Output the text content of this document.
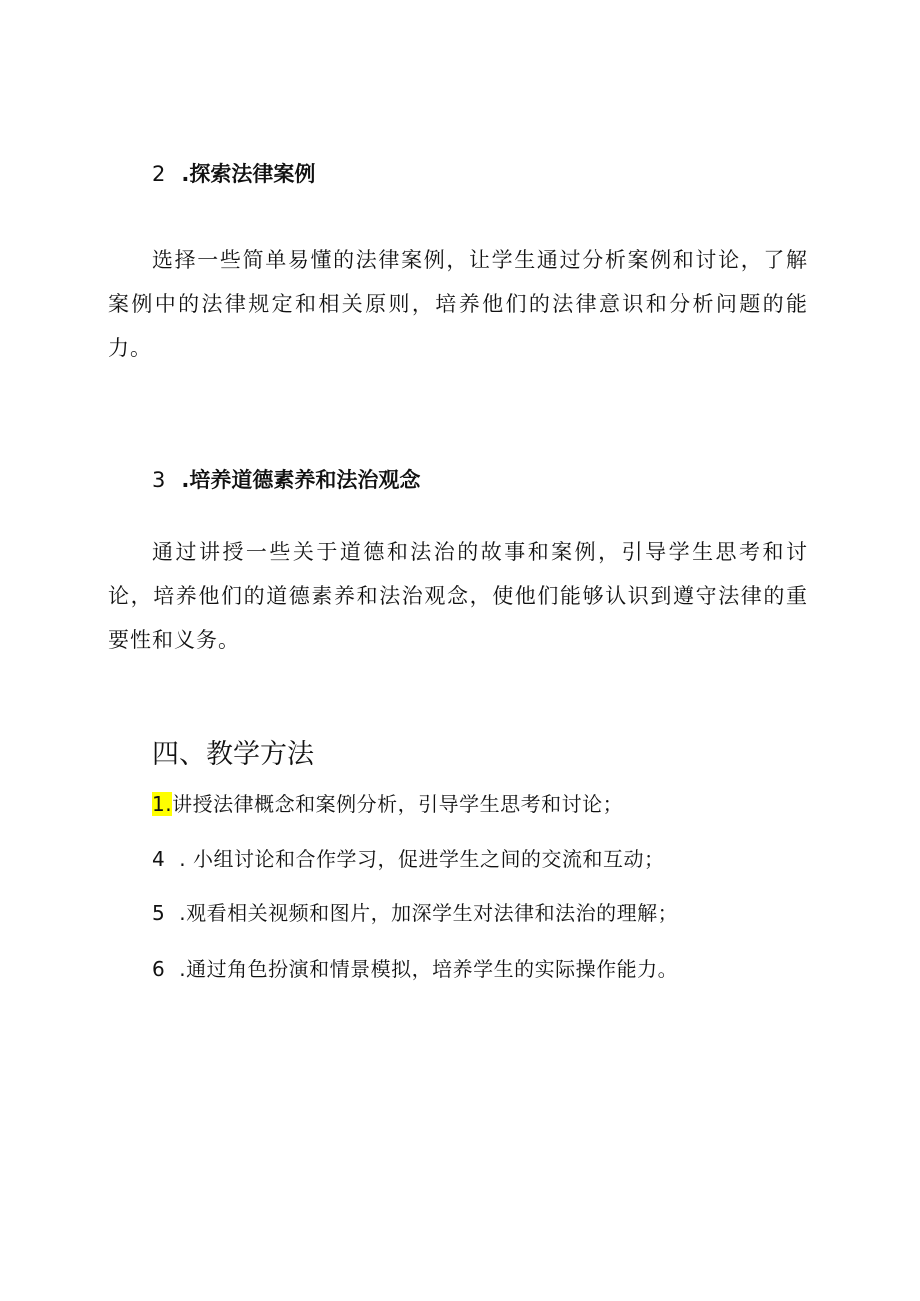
2 .探索法律案例

选择一些简单易懂的法律案例，让学生通过分析案例和讨论，了解案例中的法律规定和相关原则，培养他们的法律意识和分析问题的能力。

3 .培养道德素养和法治观念

通过讲授一些关于道德和法治的故事和案例，引导学生思考和讨论，培养他们的道德素养和法治观念，使他们能够认识到遵守法律的重要性和义务。

四、教学方法
1.讲授法律概念和案例分析，引导学生思考和讨论；
4 . 小组讨论和合作学习，促进学生之间的交流和互动；
5 .观看相关视频和图片，加深学生对法律和法治的理解；
6 .通过角色扮演和情景模拟，培养学生的实际操作能力。
